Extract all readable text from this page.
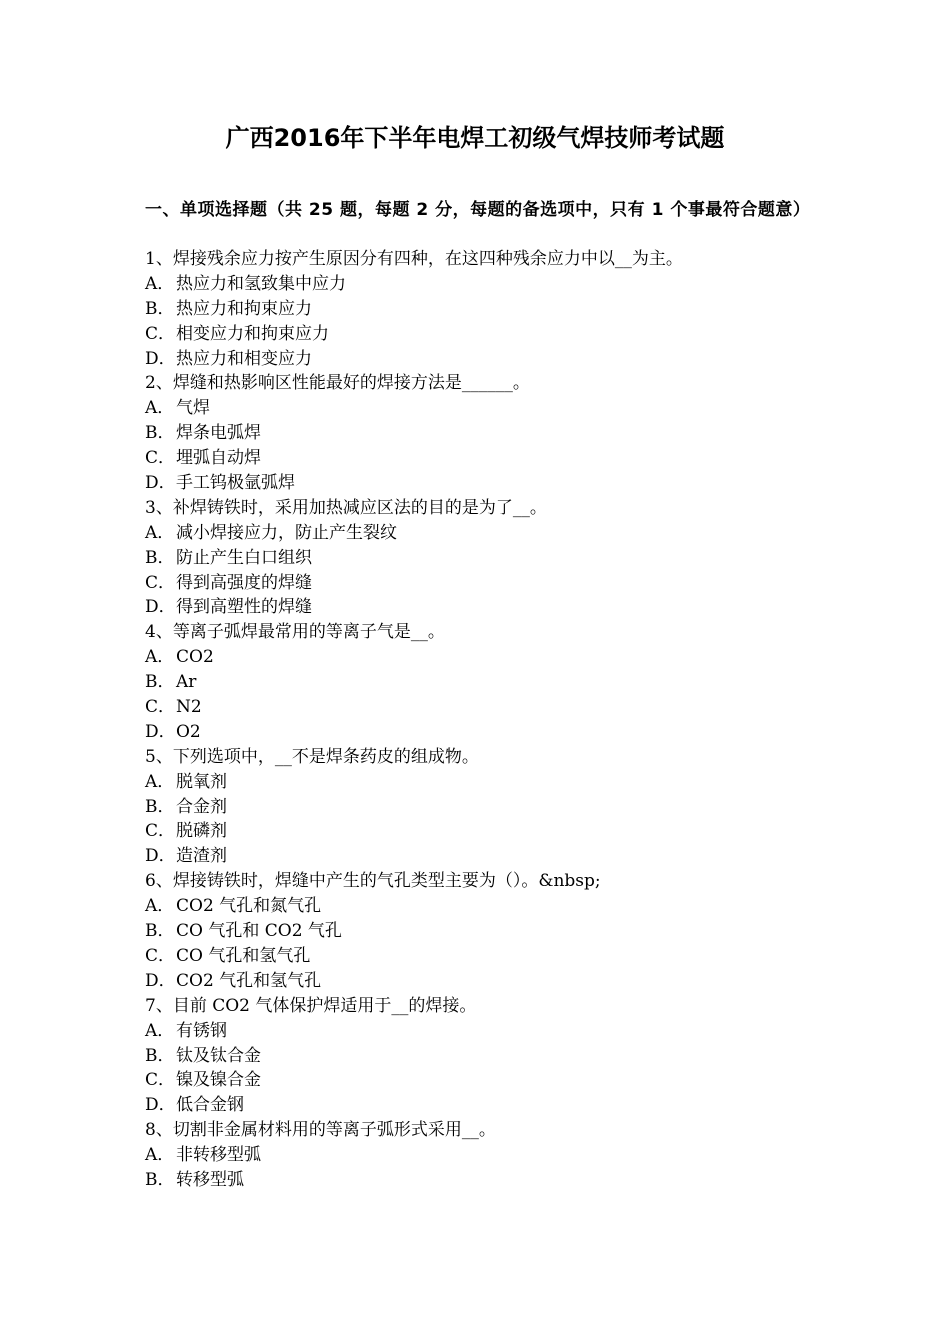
广西2016年下半年电焊工初级气焊技师考试题

一、单项选择题（共 25 题，每题 2 分，每题的备选项中，只有 1 个事最符合题意）

1、焊接残余应力按产生原因分有四种，在这四种残余应力中以__为主。
A． 热应力和氢致集中应力
B．热应力和拘束应力
C．相变应力和拘束应力
D．热应力和相变应力
2、焊缝和热影响区性能最好的焊接方法是______。
A． 气焊
B．焊条电弧焊
C．埋弧自动焊
D．手工钨极氩弧焊
3、补焊铸铁时，采用加热减应区法的目的是为了__。
A． 减小焊接应力，防止产生裂纹
B．防止产生白口组织
C．得到高强度的焊缝
D．得到高塑性的焊缝
4、等离子弧焊最常用的等离子气是__。
A． CO2
B．Ar
C．N2
D．O2
5、下列选项中，__不是焊条药皮的组成物。
A． 脱氧剂
B．合金剂
C．脱磷剂
D．造渣剂
6、焊接铸铁时，焊缝中产生的气孔类型主要为（）。&nbsp;
A． CO2 气孔和氮气孔
B．CO 气孔和 CO2 气孔
C．CO 气孔和氢气孔
D．CO2 气孔和氢气孔
7、目前 CO2 气体保护焊适用于__的焊接。
A． 有锈钢
B．钛及钛合金
C．镍及镍合金
D．低合金钢
8、切割非金属材料用的等离子弧形式采用__。
A． 非转移型弧
B．转移型弧
